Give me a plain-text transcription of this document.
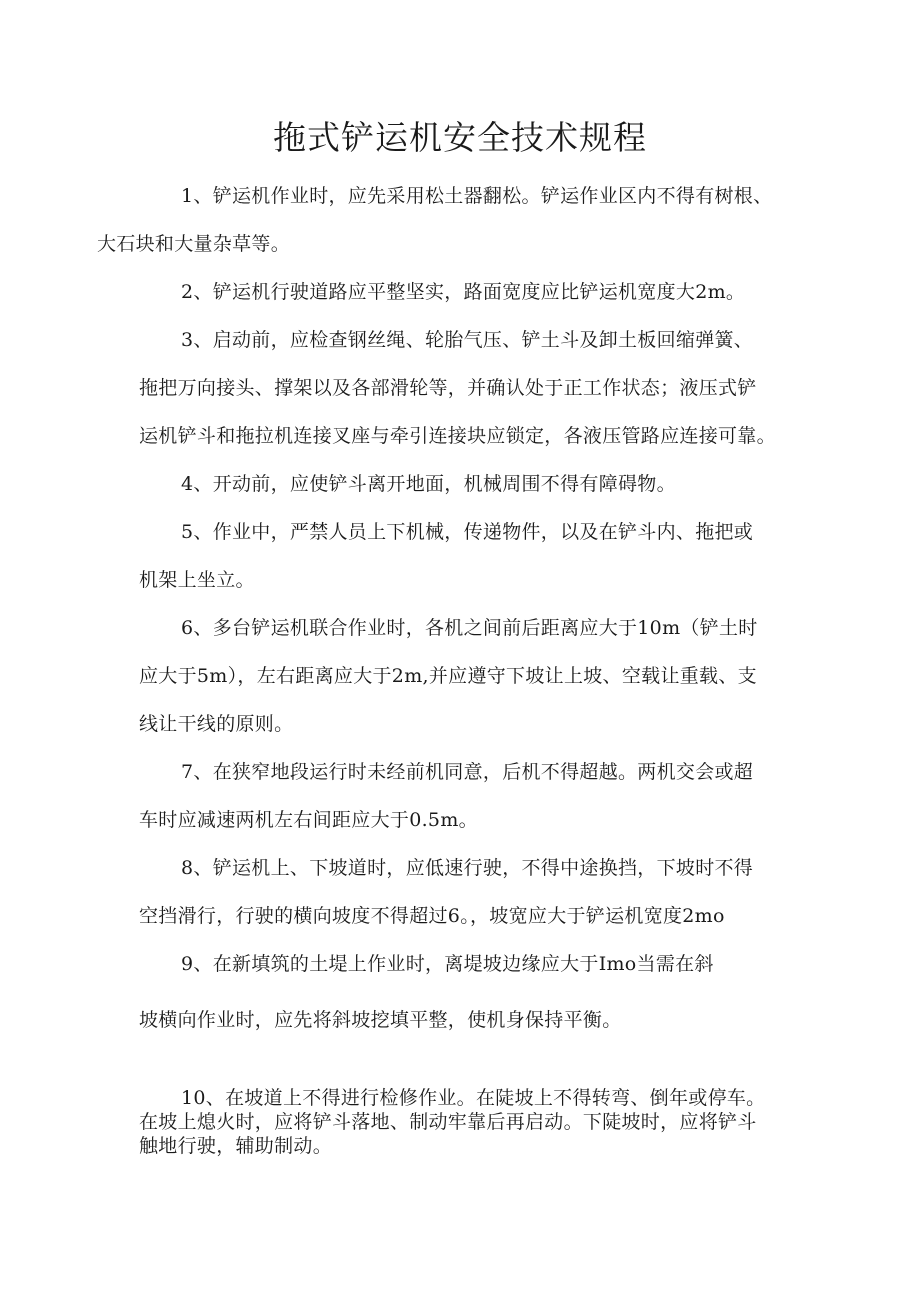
拖式铲运机安全技术规程

1、铲运机作业时，应先采用松土器翻松。铲运作业区内不得有树根、
大石块和大量杂草等。

2、铲运机行驶道路应平整坚实，路面宽度应比铲运机宽度大2m。

3、启动前，应检查钢丝绳、轮胎气压、铲土斗及卸土板回缩弹簧、
拖把万向接头、撑架以及各部滑轮等，并确认处于正工作状态；液压式铲
运机铲斗和拖拉机连接叉座与牵引连接块应锁定，各液压管路应连接可靠。

4、开动前，应使铲斗离开地面，机械周围不得有障碍物。

5、作业中，严禁人员上下机械，传递物件，以及在铲斗内、拖把或
机架上坐立。

6、多台铲运机联合作业时，各机之间前后距离应大于10m（铲土时
应大于5m），左右距离应大于2m,并应遵守下坡让上坡、空载让重载、支
线让干线的原则。

7、在狭窄地段运行时未经前机同意，后机不得超越。两机交会或超
车时应减速两机左右间距应大于0.5m。

8、铲运机上、下坡道时，应低速行驶，不得中途换挡，下坡时不得
空挡滑行，行驶的横向坡度不得超过6。，坡宽应大于铲运机宽度2mo

9、在新填筑的土堤上作业时，离堤坡边缘应大于Imo当需在斜
坡横向作业时，应先将斜坡挖填平整，使机身保持平衡。

10、在坡道上不得进行检修作业。在陡坡上不得转弯、倒年或停车。
在坡上熄火时，应将铲斗落地、制动牢靠后再启动。下陡坡时，应将铲斗
触地行驶，辅助制动。
